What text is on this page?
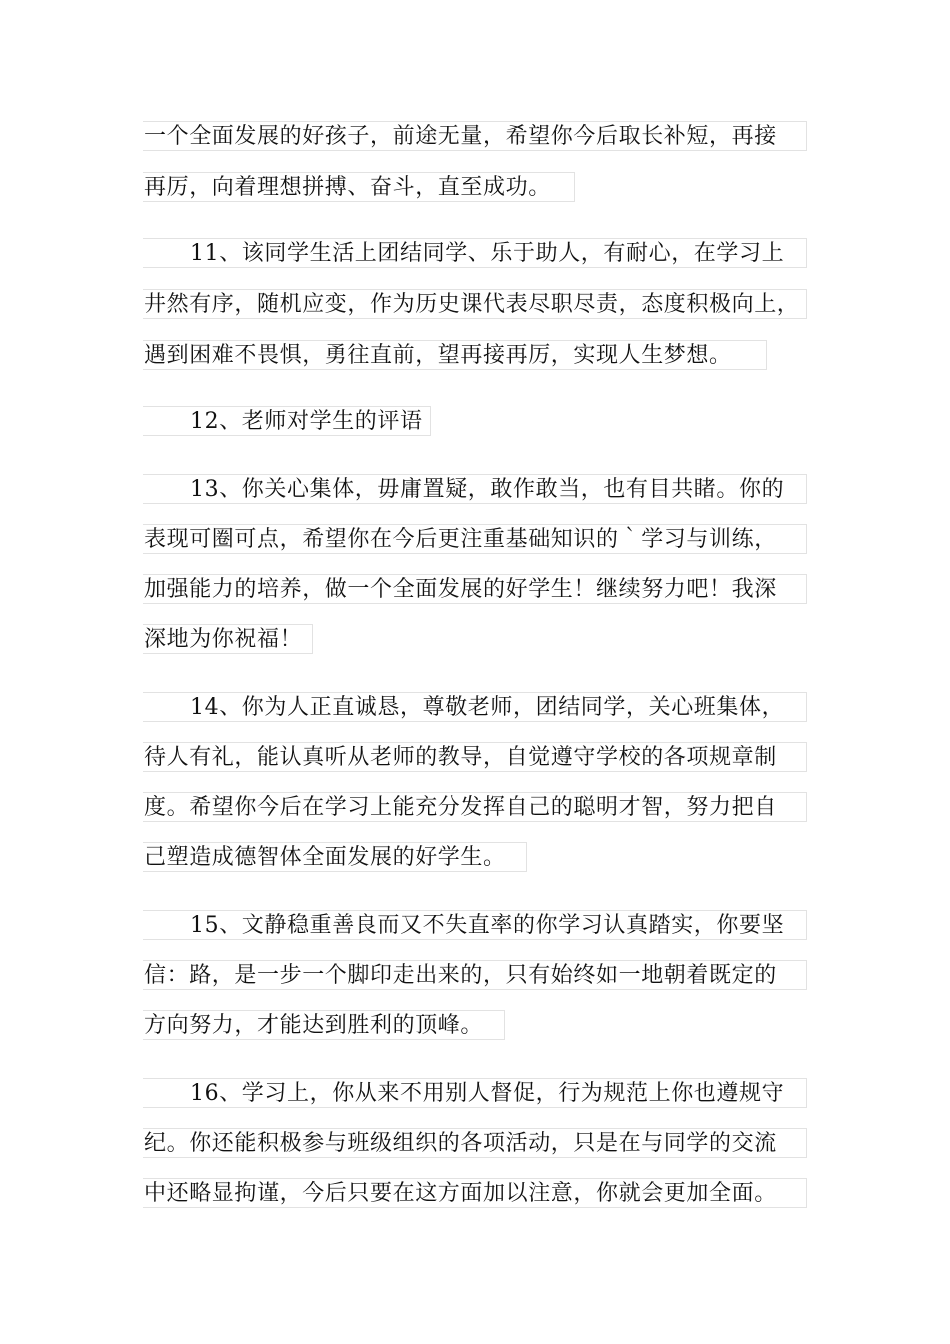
一个全面发展的好孩子，前途无量，希望你今后取长补短，再接
再厉，向着理想拼搏、奋斗，直至成功。
11、该同学生活上团结同学、乐于助人，有耐心，在学习上
井然有序，随机应变，作为历史课代表尽职尽责，态度积极向上，
遇到困难不畏惧，勇往直前，望再接再厉，实现人生梦想。
12、老师对学生的评语
13、你关心集体，毋庸置疑，敢作敢当，也有目共睹。你的
表现可圈可点，希望你在今后更注重基础知识的｀学习与训练，
加强能力的培养，做一个全面发展的好学生！继续努力吧！我深
深地为你祝福！
14、你为人正直诚恳，尊敬老师，团结同学，关心班集体，
待人有礼，能认真听从老师的教导，自觉遵守学校的各项规章制
度。希望你今后在学习上能充分发挥自己的聪明才智，努力把自
己塑造成德智体全面发展的好学生。
15、文静稳重善良而又不失直率的你学习认真踏实，你要坚
信：路，是一步一个脚印走出来的，只有始终如一地朝着既定的
方向努力，才能达到胜利的顶峰。
16、学习上，你从来不用别人督促，行为规范上你也遵规守
纪。你还能积极参与班级组织的各项活动，只是在与同学的交流
中还略显拘谨，今后只要在这方面加以注意，你就会更加全面。
